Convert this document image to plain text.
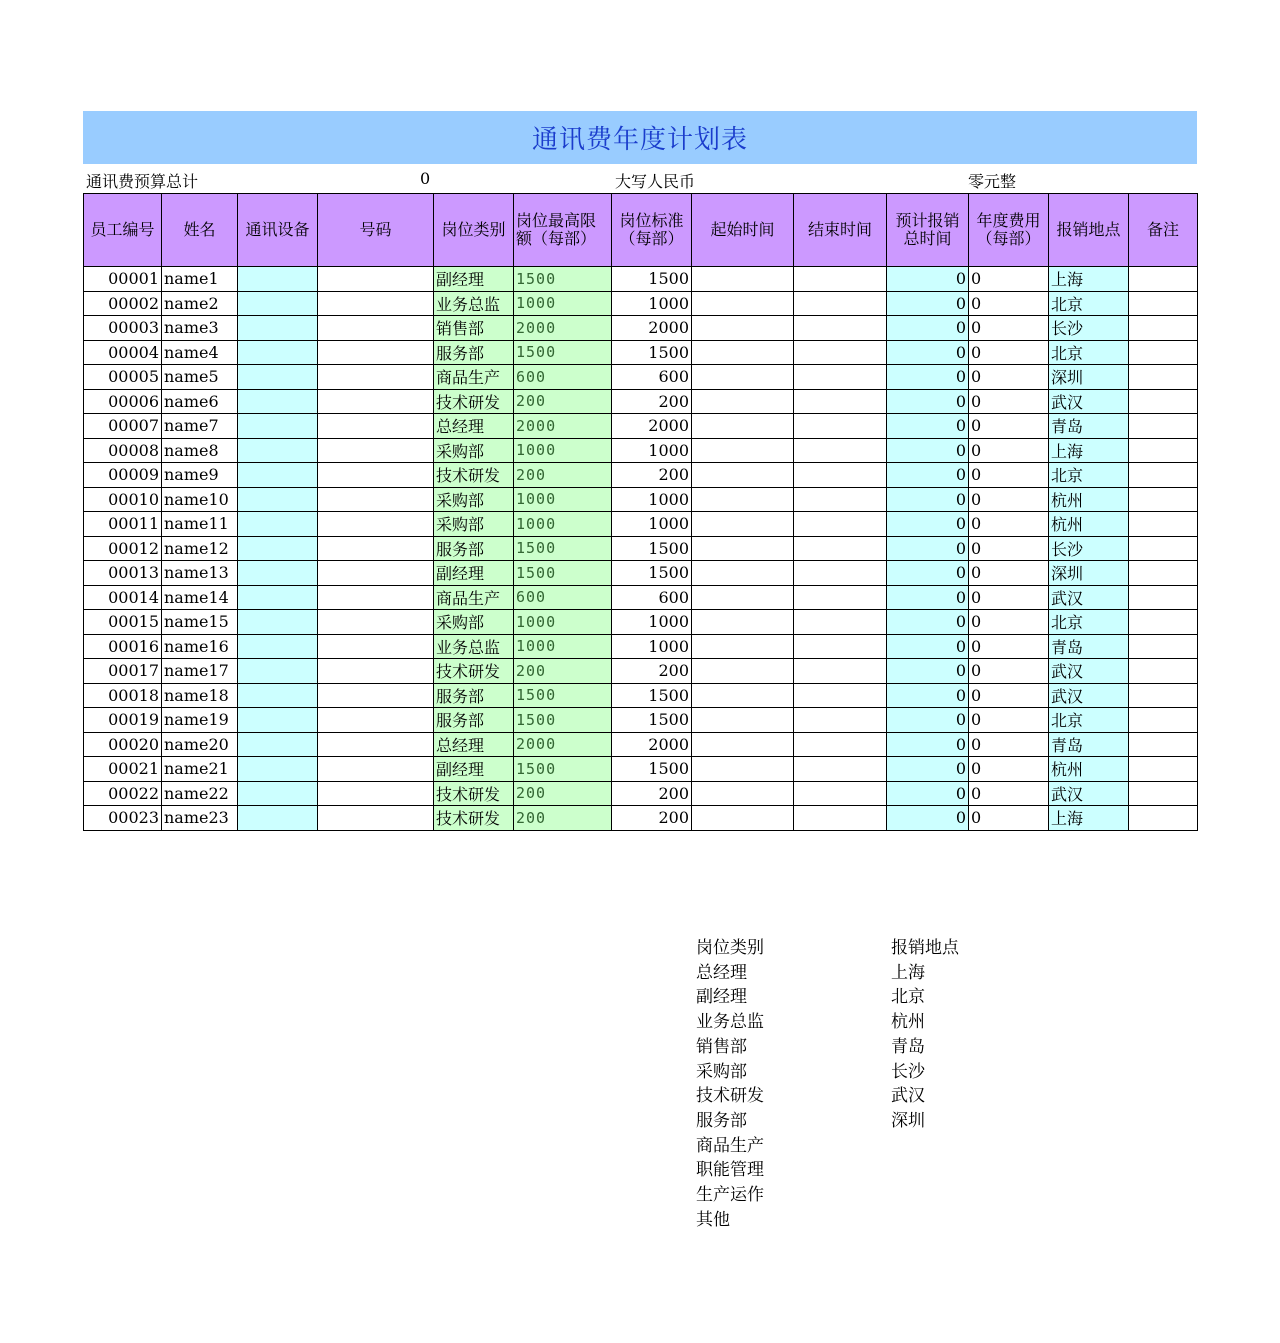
通讯费年度计划表
通讯费预算总计	0	大写人民币	零元整
员工编号	姓名	通讯设备	号码	岗位类别	岗位最高限额（每部）	岗位标准（每部）	起始时间	结束时间	预计报销总时间	年度费用（每部）	报销地点	备注
00001	name1			副经理	1500	1500			0	0	上海	
00002	name2			业务总监	1000	1000			0	0	北京	
00003	name3			销售部	2000	2000			0	0	长沙	
00004	name4			服务部	1500	1500			0	0	北京	
00005	name5			商品生产	600	600			0	0	深圳	
00006	name6			技术研发	200	200			0	0	武汉	
00007	name7			总经理	2000	2000			0	0	青岛	
00008	name8			采购部	1000	1000			0	0	上海	
00009	name9			技术研发	200	200			0	0	北京	
00010	name10			采购部	1000	1000			0	0	杭州	
00011	name11			采购部	1000	1000			0	0	杭州	
00012	name12			服务部	1500	1500			0	0	长沙	
00013	name13			副经理	1500	1500			0	0	深圳	
00014	name14			商品生产	600	600			0	0	武汉	
00015	name15			采购部	1000	1000			0	0	北京	
00016	name16			业务总监	1000	1000			0	0	青岛	
00017	name17			技术研发	200	200			0	0	武汉	
00018	name18			服务部	1500	1500			0	0	武汉	
00019	name19			服务部	1500	1500			0	0	北京	
00020	name20			总经理	2000	2000			0	0	青岛	
00021	name21			副经理	1500	1500			0	0	杭州	
00022	name22			技术研发	200	200			0	0	武汉	
00023	name23			技术研发	200	200			0	0	上海	
岗位类别
总经理
副经理
业务总监
销售部
采购部
技术研发
服务部
商品生产
职能管理
生产运作
其他
报销地点
上海
北京
杭州
青岛
长沙
武汉
深圳
